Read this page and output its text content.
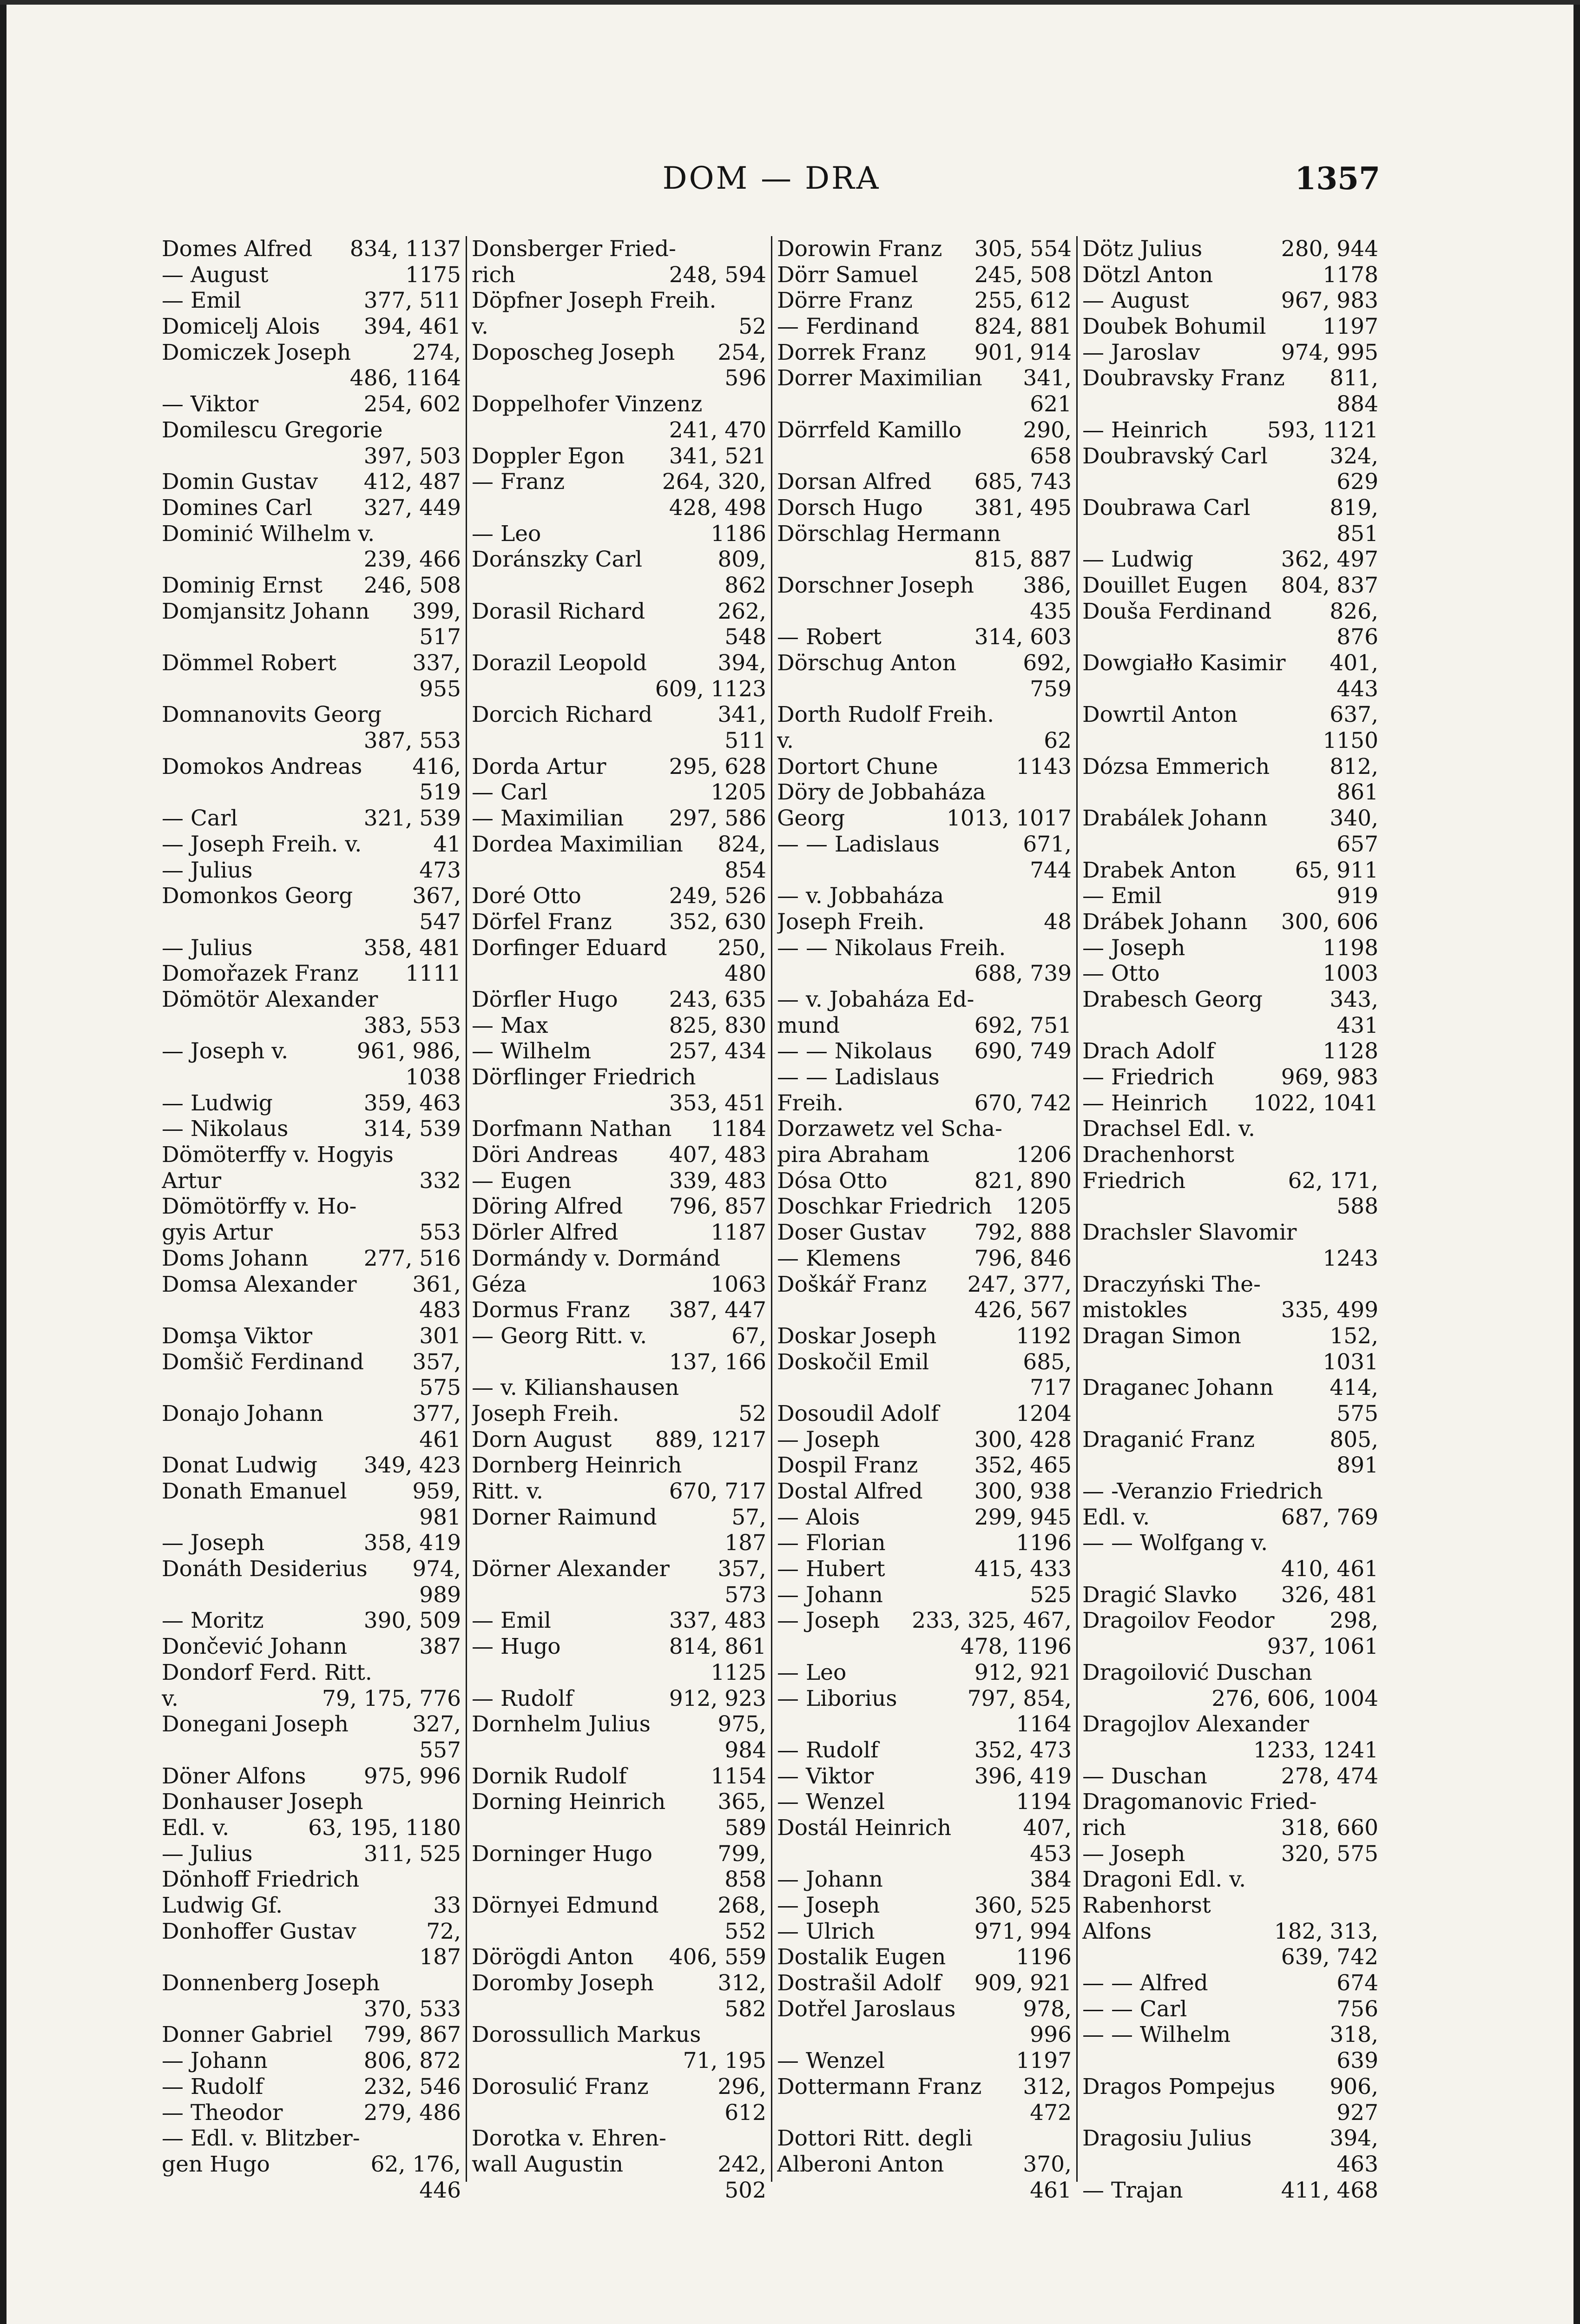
DOM — DRA	1357
Domes Alfred 834, 1137
— August	1175
— Emil	377, 511
Domicelj Alois 394, 461
Domiczek Joseph	274,
486, 1164
— Viktor	254, 602
Domilescu Gregorie
397, 503
Domin Gustav 412, 487
Domines Carl 327, 449
Dominić Wilhelm v.
239, 466
Dominig Ernst 246, 508
Domjansitz Johann 399,
517
Dömmel Robert	337,
955
Domnanovits Georg
387, 553
Domokos Andreas 416,
519
— Carl	321, 539
— Joseph Freih. v.	41
— Julius	473
Domonkos Georg	367,
547
— Julius	358, 481
Domořazek Franz 1111
Dömötör Alexander
383, 553
— Joseph v.	961, 986,
1038
— Ludwig	359, 463
— Nikolaus	314, 539
Dömöterffy v. Hogyis
Artur	332
Dömötörffy v. Ho-
gyis Artur	553
Doms Johann	277, 516
Domsa Alexander	361,
483
Domşa Viktor	301
Domšič Ferdinand 357,
575
Donajo Johann	377,
461
Donat Ludwig 349, 423
Donath Emanuel	959,
981
— Joseph	358, 419
Donáth Desiderius 974,
989
— Moritz	390, 509
Dončević Johann	387
Dondorf Ferd. Ritt.
v.	79, 175, 776
Donegani Joseph	327,
557
Döner Alfons	975, 996
Donhauser Joseph
Edl. v.	63, 195, 1180
— Julius	311, 525
Dönhoff Friedrich
Ludwig Gf.	33
Donhoffer Gustav	72,
187
Donnenberg Joseph
370, 533
Donner Gabriel 799, 867
— Johann	806, 872
— Rudolf	232, 546
— Theodor	279, 486
— Edl. v. Blitzber-
gen Hugo	62, 176,
446
Donsberger Fried-
rich	248, 594
Döpfner Joseph Freih.
v.	52
Doposcheg Joseph 254,
596
Doppelhofer Vinzenz
241, 470
Doppler Egon 341, 521
— Franz	264, 320,
428, 498
— Leo	1186
Doránszky Carl	809,
862
Dorasil Richard	262,
548
Dorazil Leopold	394,
609, 1123
Dorcich Richard	341,
511
Dorda Artur	295, 628
— Carl	1205
— Maximilian 297, 586
Dordea Maximilian 824,
854
Doré Otto	249, 526
Dörfel Franz	352, 630
Dorfinger Eduard 250,
480
Dörfler Hugo 243, 635
— Max	825, 830
— Wilhelm	257, 434
Dörflinger Friedrich
353, 451
Dorfmann Nathan 1184
Döri Andreas 407, 483
— Eugen	339, 483
Döring Alfred 796, 857
Dörler Alfred	1187
Dormándy v. Dormánd
Géza	1063
Dormus Franz 387, 447
— Georg Ritt. v.	67,
137, 166
— v. Kilianshausen
Joseph Freih.	52
Dorn August 889, 1217
Dornberg Heinrich
Ritt. v.	670, 717
Dorner Raimund	57,
187
Dörner Alexander 357,
573
— Emil	337, 483
— Hugo	814, 861
1125
— Rudolf	912, 923
Dornhelm Julius	975,
984
Dornik Rudolf	1154
Dorning Heinrich 365,
589
Dorninger Hugo	799,
858
Dörnyei Edmund	268,
552
Dörögdi Anton 406, 559
Doromby Joseph	312,
582
Dorossullich Markus
71, 195
Dorosulić Franz	296,
612
Dorotka v. Ehren-
wall Augustin	242,
502
Dorowin Franz 305, 554
Dörr Samuel	245, 508
Dörre Franz	255, 612
— Ferdinand	824, 881
Dorrek Franz 901, 914
Dorrer Maximilian 341,
621
Dörrfeld Kamillo	290,
658
Dorsan Alfred 685, 743
Dorsch Hugo 381, 495
Dörschlag Hermann
815, 887
Dorschner Joseph 386,
435
— Robert	314, 603
Dörschug Anton	692,
759
Dorth Rudolf Freih.
v.	62
Dortort Chune	1143
Döry de Jobbaháza
Georg	1013, 1017
— — Ladislaus	671,
744
— v. Jobbaháza
Joseph Freih.	48
— — Nikolaus Freih.
688, 739
— v. Jobaháza Ed-
mund	692, 751
— — Nikolaus 690, 749
— — Ladislaus
Freih.	670, 742
Dorzawetz vel Scha-
pira Abraham	1206
Dósa Otto	821, 890
Doschkar Friedrich 1205
Doser Gustav 792, 888
— Klemens	796, 846
Doškář Franz 247, 377,
426, 567
Doskar Joseph	1192
Doskočil Emil	685,
717
Dosoudil Adolf	1204
— Joseph	300, 428
Dospil Franz	352, 465
Dostal Alfred 300, 938
— Alois	299, 945
— Florian	1196
— Hubert	415, 433
— Johann	525
— Joseph 233, 325, 467,
478, 1196
— Leo	912, 921
— Liborius	797, 854,
1164
— Rudolf	352, 473
— Viktor	396, 419
— Wenzel	1194
Dostál Heinrich	407,
453
— Johann	384
— Joseph	360, 525
— Ulrich	971, 994
Dostalik Eugen	1196
Dostrašil Adolf 909, 921
Dotřel Jaroslaus	978,
996
— Wenzel	1197
Dottermann Franz 312,
472
Dottori Ritt. degli
Alberoni Anton	370,
461
Dötz Julius	280, 944
Dötzl Anton	1178
— August	967, 983
Doubek Bohumil	1197
— Jaroslav	974, 995
Doubravsky Franz 811,
884
— Heinrich	593, 1121
Doubravský Carl	324,
629
Doubrawa Carl	819,
851
— Ludwig	362, 497
Douillet Eugen 804, 837
Douša Ferdinand	826,
876
Dowgiałło Kasimir 401,
443
Dowrtil Anton	637,
1150
Dózsa Emmerich	812,
861
Drabálek Johann	340,
657
Drabek Anton	65, 911
— Emil	919
Drábek Johann 300, 606
— Joseph	1198
— Otto	1003
Drabesch Georg	343,
431
Drach Adolf	1128
— Friedrich	969, 983
— Heinrich 1022, 1041
Drachsel Edl. v.
Drachenhorst
Friedrich	62, 171,
588
Drachsler Slavomir
1243
Draczyński The-
mistokles	335, 499
Dragan Simon	152,
1031
Draganec Johann	414,
575
Draganić Franz	805,
891
— -Veranzio Friedrich
Edl. v.	687, 769
— — Wolfgang v.
410, 461
Dragić Slavko 326, 481
Dragoilov Feodor	298,
937, 1061
Dragoilović Duschan
276, 606, 1004
Dragojlov Alexander
1233, 1241
— Duschan	278, 474
Dragomanovic Fried-
rich	318, 660
— Joseph	320, 575
Dragoni Edl. v.
Rabenhorst
Alfons	182, 313,
639, 742
— — Alfred	674
— — Carl	756
— — Wilhelm	318,
639
Dragos Pompejus 906,
927
Dragosiu Julius	394,
463
— Trajan	411, 468
